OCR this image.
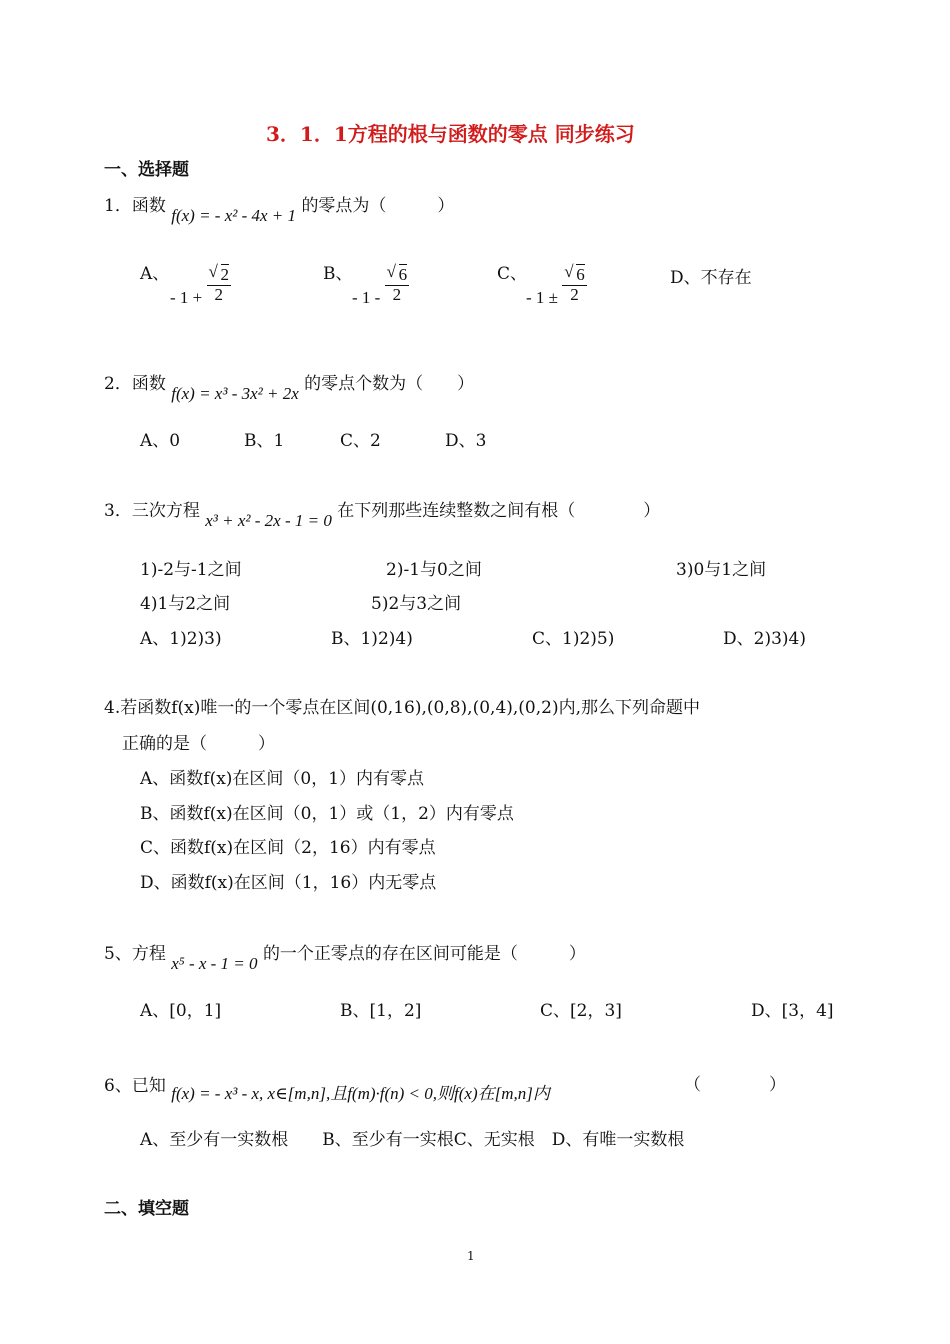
3．1．1方程的根与函数的零点 同步练习
一、选择题
1．函数 f(x) = - x² - 4x + 1 的零点为（　　　）
A、
- 1 + √ $\frac{2}{2}$	B、
- 1 - √ $\frac{6}{2}$	C、
- 1 ± √ $\frac{6}{2}$	D、不存在
2．函数 f(x) = x³ - 3x² + 2x 的零点个数为（　　）
A、0	B、1	C、2	D、3
3．三次方程 x³ + x² - 2x - 1 = 0 在下列那些连续整数之间有根（　　　　）
1)-2与-1之间	2)-1与0之间	3)0与1之间
4)1与2之间	5)2与3之间
A、1)2)3)	B、1)2)4)	C、1)2)5)	D、2)3)4)
4.若函数f(x)唯一的一个零点在区间(0,16),(0,8),(0,4),(0,2)内,那么下列命题中
正确的是（　　　）
A、函数f(x)在区间（0，1）内有零点
B、函数f(x)在区间（0，1）或（1，2）内有零点
C、函数f(x)在区间（2，16）内有零点
D、函数f(x)在区间（1，16）内无零点
5、方程 x⁵ - x - 1 = 0 的一个正零点的存在区间可能是（　　　）
A、[0，1]	B、[1，2]	C、[2，3]	D、[3，4]
6、已知 f(x) = - x³ - x, x∈[m,n],且f(m)·f(n) < 0,则f(x)在[m,n]内	（　　　　）
A、至少有一实数根　　B、至少有一实根C、无实根　D、有唯一实数根
二、填空题
1
